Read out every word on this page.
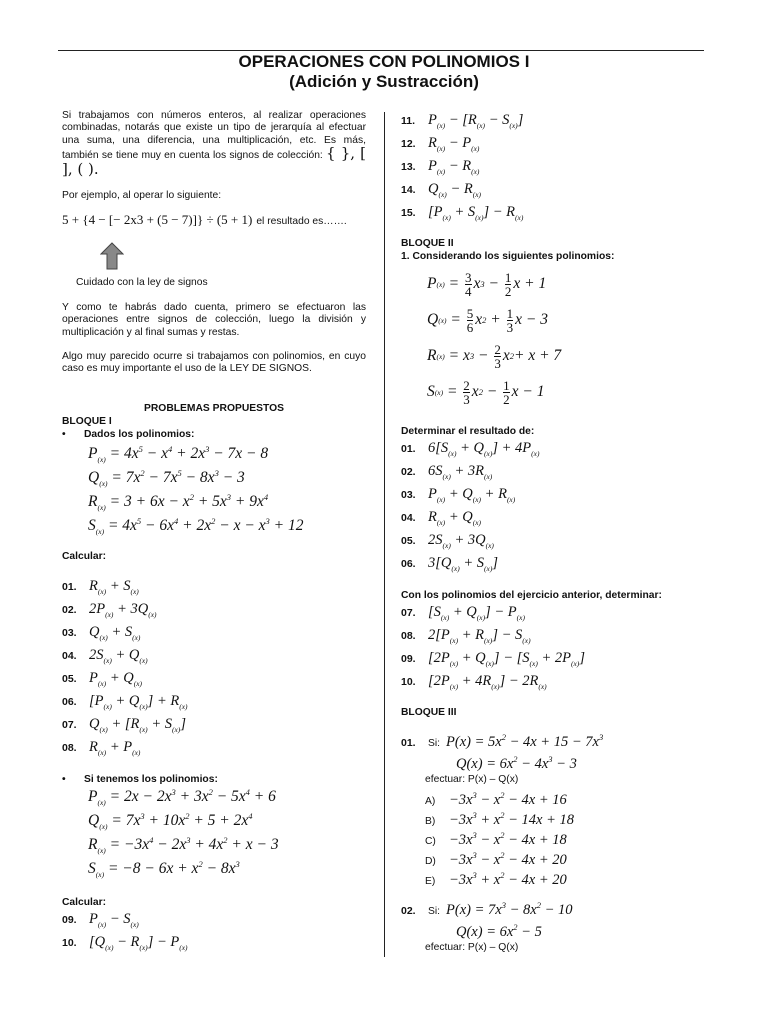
OPERACIONES CON POLINOMIOS I
(Adición y Sustracción)

Si trabajamos con números enteros, al realizar operaciones combinadas, notarás que existe un tipo de jerarquía al efectuar una suma, una diferencia, una multiplicación, etc. Es más, también se tiene muy en cuenta los signos de colección: { }, [ ], ( ).

Por ejemplo, al operar lo siguiente:

5 + {4 − [− 2x3 + (5 − 7)]} ÷ (5 + 1) el resultado es…….
Cuidado con la ley de signos

Y como te habrás dado cuenta, primero se efectuaron las operaciones entre signos de colección, luego la división y multiplicación y al final sumas y restas.

Algo muy parecido ocurre si trabajamos con polinomios, en cuyo caso es muy importante el uso de la LEY DE SIGNOS.

PROBLEMAS PROPUESTOS
BLOQUE I
• Dados los polinomios:
$P_{(x)} = 4x^5 - x^4 + 2x^3 - 7x - 8$
$Q_{(x)} = 7x^2 - 7x^5 - 8x^3 - 3$
$R_{(x)} = 3 + 6x - x^2 + 5x^3 + 9x^4$
$S_{(x)} = 4x^5 - 6x^4 + 2x^2 - x - x^3 + 12$
Calcular:
01. $R_{(x)} + S_{(x)}$
02. $2P_{(x)} + 3Q_{(x)}$
03. $Q_{(x)} + S_{(x)}$
04. $2S_{(x)} + Q_{(x)}$
05. $P_{(x)} + Q_{(x)}$
06. $[P_{(x)} + Q_{(x)}] + R_{(x)}$
07. $Q_{(x)} + [R_{(x)} + S_{(x)}]$
08. $R_{(x)} + P_{(x)}$
• Si tenemos los polinomios:
$P_{(x)} = 2x - 2x^3 + 3x^2 - 5x^4 + 6$
$Q_{(x)} = 7x^3 + 10x^2 + 5 + 2x^4$
$R_{(x)} = -3x^4 - 2x^3 + 4x^2 + x - 3$
$S_{(x)} = -8 - 6x + x^2 - 8x^3$
Calcular:
09. $P_{(x)} - S_{(x)}$
10. $[Q_{(x)} - R_{(x)}] - P_{(x)}$
11. $P_{(x)} - [R_{(x)} - S_{(x)}]$
12. $R_{(x)} - P_{(x)}$
13. $P_{(x)} - R_{(x)}$
14. $Q_{(x)} - R_{(x)}$
15. $[P_{(x)} + S_{(x)}] - R_{(x)}$
BLOQUE II
1. Considerando los siguientes polinomios:
P $(x) = \frac{3}{4}$ x $3 - \frac{1}{2}$ x + 1
Q $(x) = \frac{5}{6}$ x $2 + \frac{1}{3}$ x − 3
R (x) = x $3 - \frac{2}{3}$ x 2 + x + 7
S $(x) = \frac{2}{3}$ x $2 - \frac{1}{2}$ x − 1
Determinar el resultado de:
01. $6[S_{(x)} + Q_{(x)}] + 4P_{(x)}$
02. $6S_{(x)} + 3R_{(x)}$
03. $P_{(x)} + Q_{(x)} + R_{(x)}$
04. $R_{(x)} + Q_{(x)}$
05. $2S_{(x)} + 3Q_{(x)}$
06. $3[Q_{(x)} + S_{(x)}]$
Con los polinomios del ejercicio anterior, determinar:
07. $[S_{(x)} + Q_{(x)}] - P_{(x)}$
08. $2[P_{(x)} + R_{(x)}] - S_{(x)}$
09. $[2P_{(x)} + Q_{(x)}] - [S_{(x)} + 2P_{(x)}]$
10. $[2P_{(x)} + 4R_{(x)}] - 2R_{(x)}$
BLOQUE III
01.	Si: $P(x) = 5x^2 - 4x + 15 - 7x^3$
$Q(x) = 6x^2 - 4x^3 - 3$
efectuar: P(x) – Q(x)
$A) -3x^3 - x^2 - 4x + 16$
$B) -3x^3 + x^2 - 14x + 18$
$C) -3x^3 - x^2 - 4x + 18$
$D) -3x^3 - x^2 - 4x + 20$
$E) -3x^3 + x^2 - 4x + 20$
02.	Si: $P(x) = 7x^3 - 8x^2 - 10$
$Q(x) = 6x^2 - 5$
efectuar: P(x) – Q(x)
